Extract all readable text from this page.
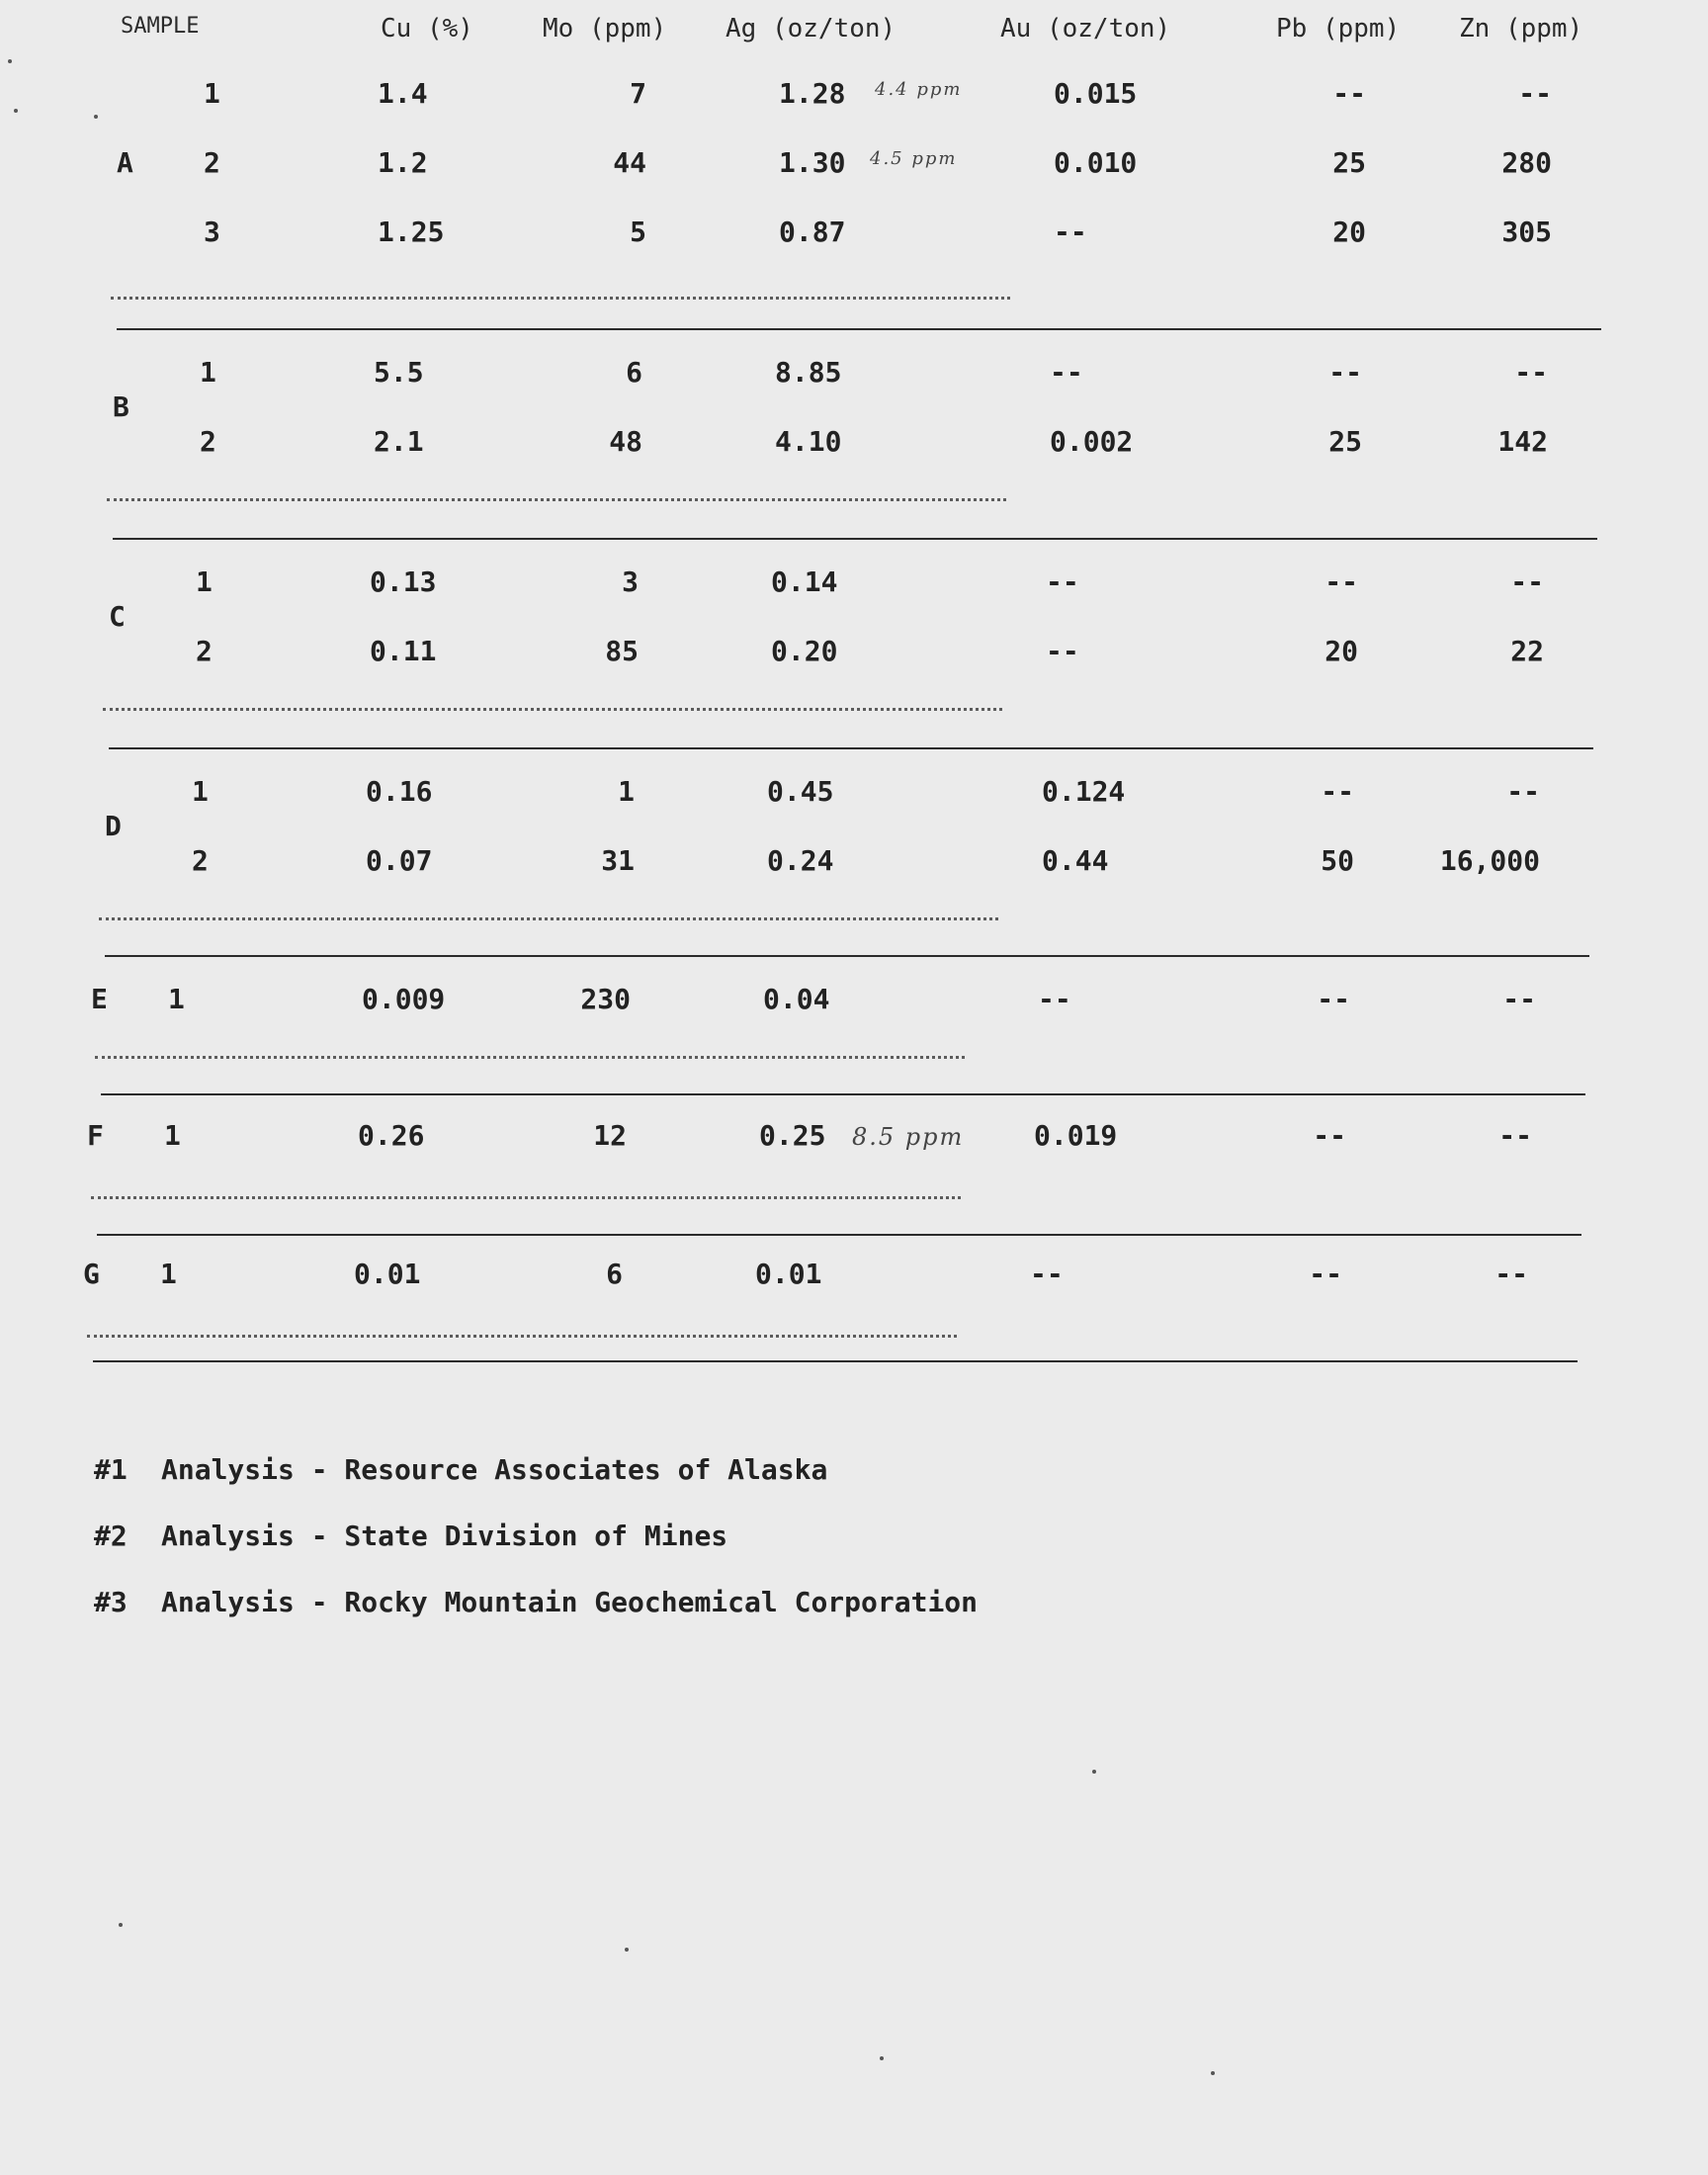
SAMPLE	Cu (%)	Mo (ppm) Ag (oz/ton)	Au (oz/ton)	Pb (ppm) Zn (ppm)
A
1	1.4	7	1.28	0.015	--	--
2	1.2	44	1.30	0.010	25	280
3	1.25	5	0.87	--	20	305
B
1	5.5	6	8.85	--	--	--
2	2.1	48	4.10	0.002	25	142
C
1	0.13	3	0.14	--	--	--
2	0.11	85	0.20	--	20	22
D
1	0.16	1	0.45	0.124	--	--
2	0.07	31	0.24	0.44	50	16,000
E 1	0.009	230	0.04	--	--	--
F 1	0.26	12	0.25	0.019	--	--
G 1	0.01	6	0.01	--	--	--
4.4 ppm
4.5 ppm
8.5 ppm
#1 Analysis - Resource Associates of Alaska
#2 Analysis - State Division of Mines
#3 Analysis - Rocky Mountain Geochemical Corporation
